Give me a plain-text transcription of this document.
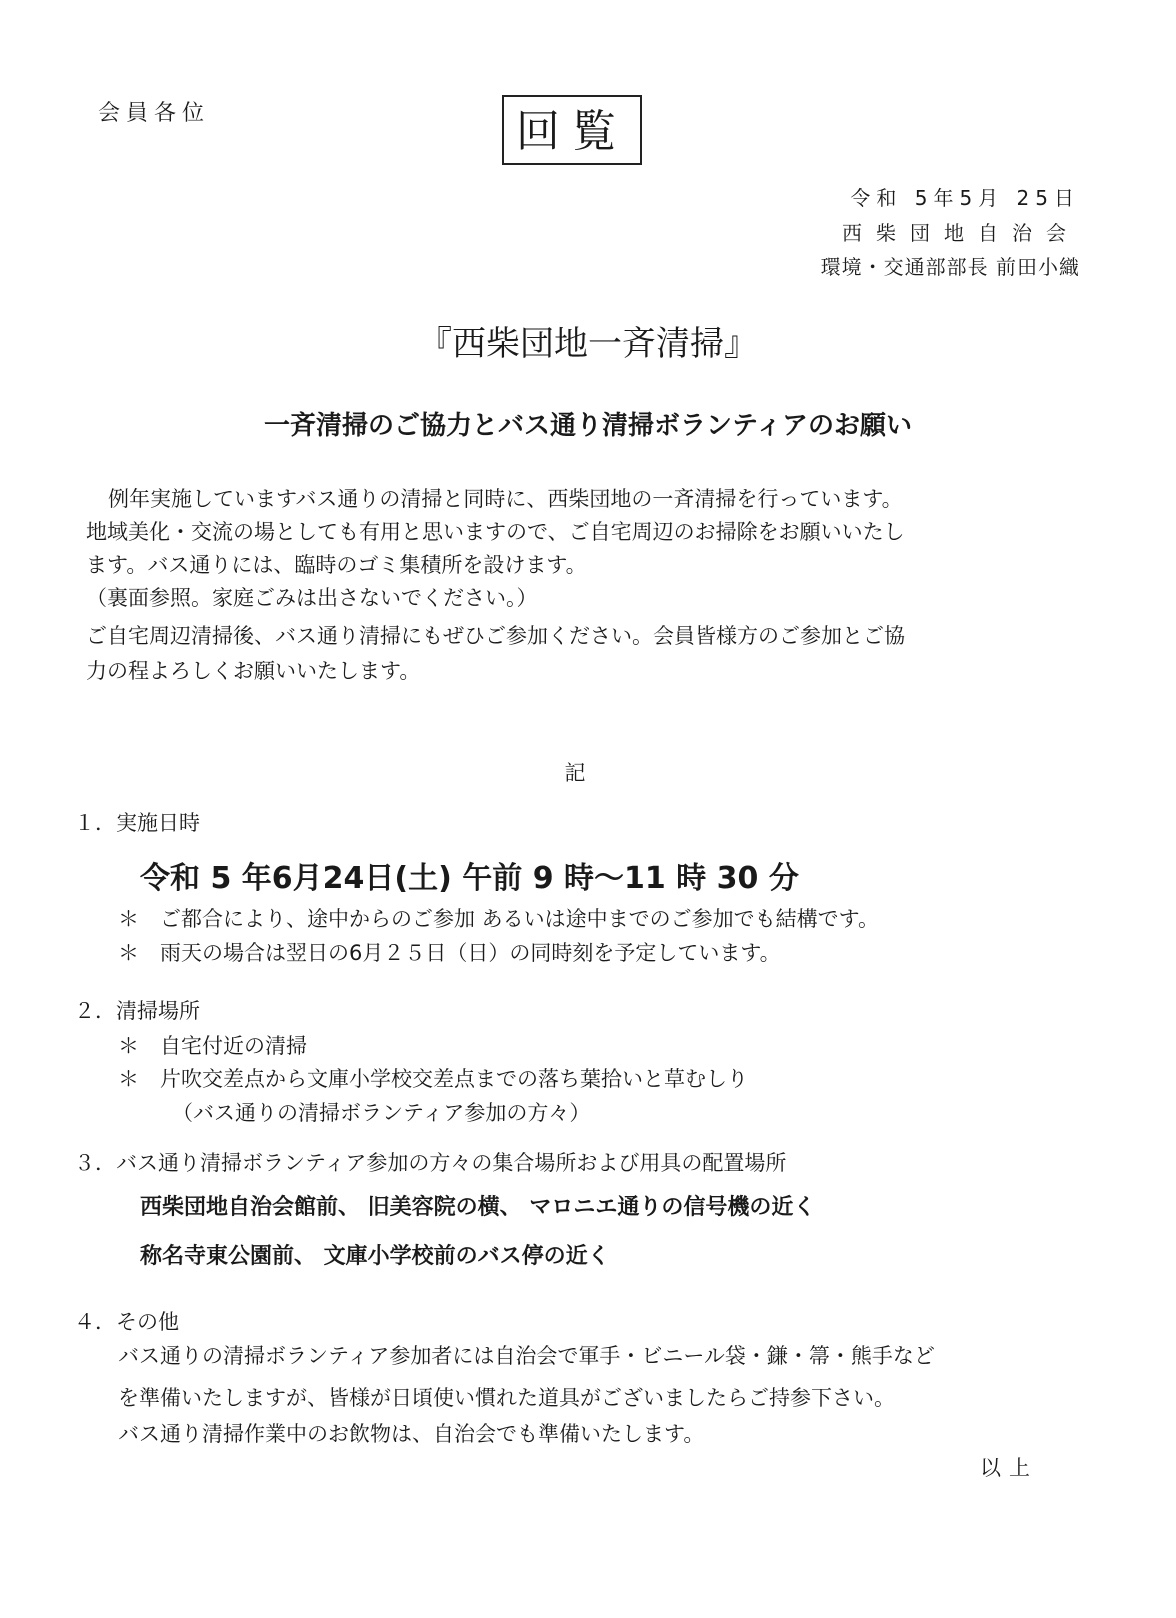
会員各位	回覧
令和 5年5月 25日
西柴団地自治会
環境・交通部部長 前田小織
『西柴団地一斉清掃』
一斉清掃のご協力とバス通り清掃ボランティアのお願い
例年実施していますバス通りの清掃と同時に、西柴団地の一斉清掃を行っています。
地域美化・交流の場としても有用と思いますので、ご自宅周辺のお掃除をお願いいたし
ます。バス通りには、臨時のゴミ集積所を設けます。
（裏面参照。家庭ごみは出さないでください。）
ご自宅周辺清掃後、バス通り清掃にもぜひご参加ください。会員皆様方のご参加とご協
力の程よろしくお願いいたします。
記
１．実施日時
令和 5 年6月24日(土) 午前 9 時〜11 時 30 分
＊　ご都合により、途中からのご参加 あるいは途中までのご参加でも結構です。
＊　雨天の場合は翌日の6月２５日（日）の同時刻を予定しています。
２．清掃場所
＊　自宅付近の清掃
＊　片吹交差点から文庫小学校交差点までの落ち葉拾いと草むしり
（バス通りの清掃ボランティア参加の方々）
３．バス通り清掃ボランティア参加の方々の集合場所および用具の配置場所
西柴団地自治会館前、 旧美容院の横、 マロニエ通りの信号機の近く
称名寺東公園前、 文庫小学校前のバス停の近く
４．その他
バス通りの清掃ボランティア参加者には自治会で軍手・ビニール袋・鎌・箒・熊手など
を準備いたしますが、皆様が日頃使い慣れた道具がございましたらご持参下さい。
バス通り清掃作業中のお飲物は、自治会でも準備いたします。
以上
